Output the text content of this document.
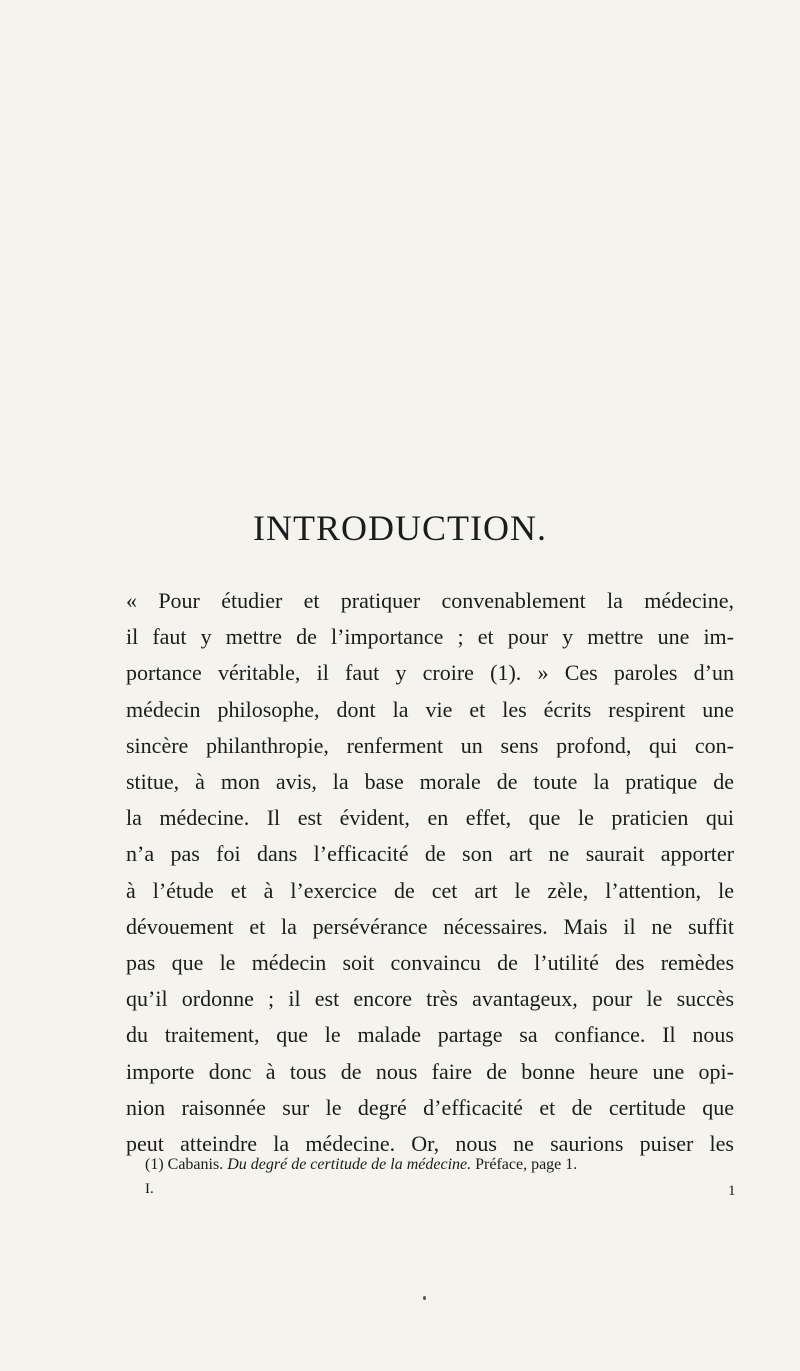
INTRODUCTION.
« Pour étudier et pratiquer convenablement la médecine,
il faut y mettre de l’importance ; et pour y mettre une im-
portance véritable, il faut y croire (1). » Ces paroles d’un
médecin philosophe, dont la vie et les écrits respirent une
sincère philanthropie, renferment un sens profond, qui con-
stitue, à mon avis, la base morale de toute la pratique de
la médecine. Il est évident, en effet, que le praticien qui
n’a pas foi dans l’efficacité de son art ne saurait apporter
à l’étude et à l’exercice de cet art le zèle, l’attention, le
dévouement et la persévérance nécessaires. Mais il ne suffit
pas que le médecin soit convaincu de l’utilité des remèdes
qu’il ordonne ; il est encore très avantageux, pour le succès
du traitement, que le malade partage sa confiance. Il nous
importe donc à tous de nous faire de bonne heure une opi-
nion raisonnée sur le degré d’efficacité et de certitude que
peut atteindre la médecine. Or, nous ne saurions puiser les

(1) Cabanis. Du degré de certitude de la médecine. Préface, page 1.

I.	1
